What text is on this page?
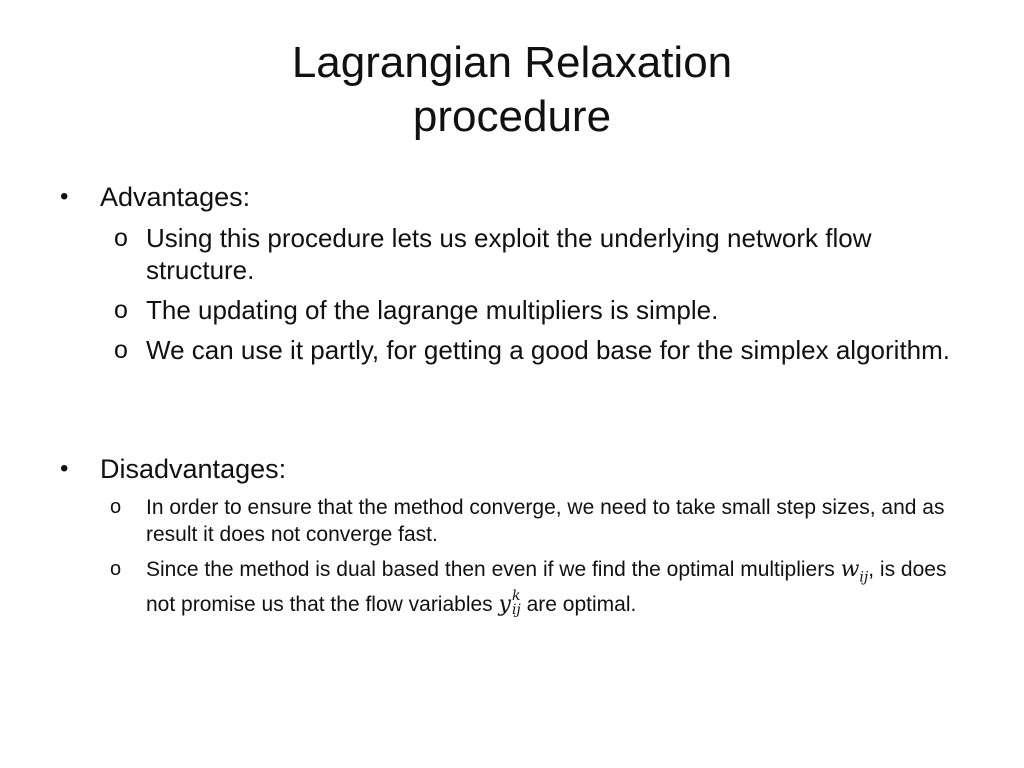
Lagrangian Relaxation
procedure
•	Advantages:
o Using this procedure lets us exploit the underlying network flow structure.
o The updating of the lagrange multipliers is simple.
o We can use it partly, for getting a good base for the simplex algorithm.
•	Disadvantages:
o In order to ensure that the method converge, we need to take small step sizes, and as result it does not converge fast.
o Since the method is dual based then even if we find the optimal multipliers $w_{ij}$, is does not promise us that the flow variables y k
ij are optimal.
